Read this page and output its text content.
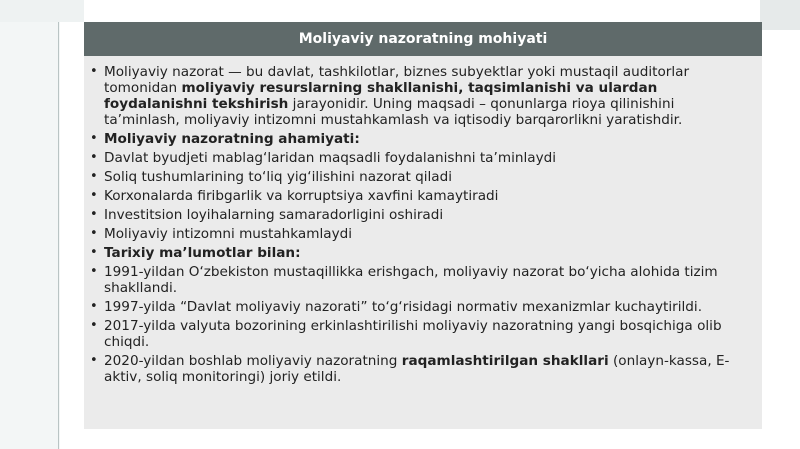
Moliyaviy nazoratning mohiyati
• Moliyaviy nazorat — bu davlat, tashkilotlar, biznes subyektlar yoki mustaqil auditorlar tomonidan moliyaviy resurslarning shakllanishi, taqsimlanishi va ulardan foydalanishni tekshirish jarayonidir. Uning maqsadi – qonunlarga rioya qilinishini ta’minlash, moliyaviy intizomni mustahkamlash va iqtisodiy barqarorlikni yaratishdir.
• Moliyaviy nazoratning ahamiyati:
• Davlat byudjeti mablag‘laridan maqsadli foydalanishni ta’minlaydi
• Soliq tushumlarining to‘liq yig‘ilishini nazorat qiladi
• Korxonalarda firibgarlik va korruptsiya xavfini kamaytiradi
• Investitsion loyihalarning samaradorligini oshiradi
• Moliyaviy intizomni mustahkamlaydi
• Tarixiy ma’lumotlar bilan:
• 1991-yildan O‘zbekiston mustaqillikka erishgach, moliyaviy nazorat bo‘yicha alohida tizim shakllandi.
• 1997-yilda “Davlat moliyaviy nazorati” to‘g‘risidagi normativ mexanizmlar kuchaytirildi.
• 2017-yilda valyuta bozorining erkinlashtirilishi moliyaviy nazoratning yangi bosqichiga olib chiqdi.
• 2020-yildan boshlab moliyaviy nazoratning raqamlashtirilgan shakllari (onlayn-kassa, E-aktiv, soliq monitoringi) joriy etildi.
